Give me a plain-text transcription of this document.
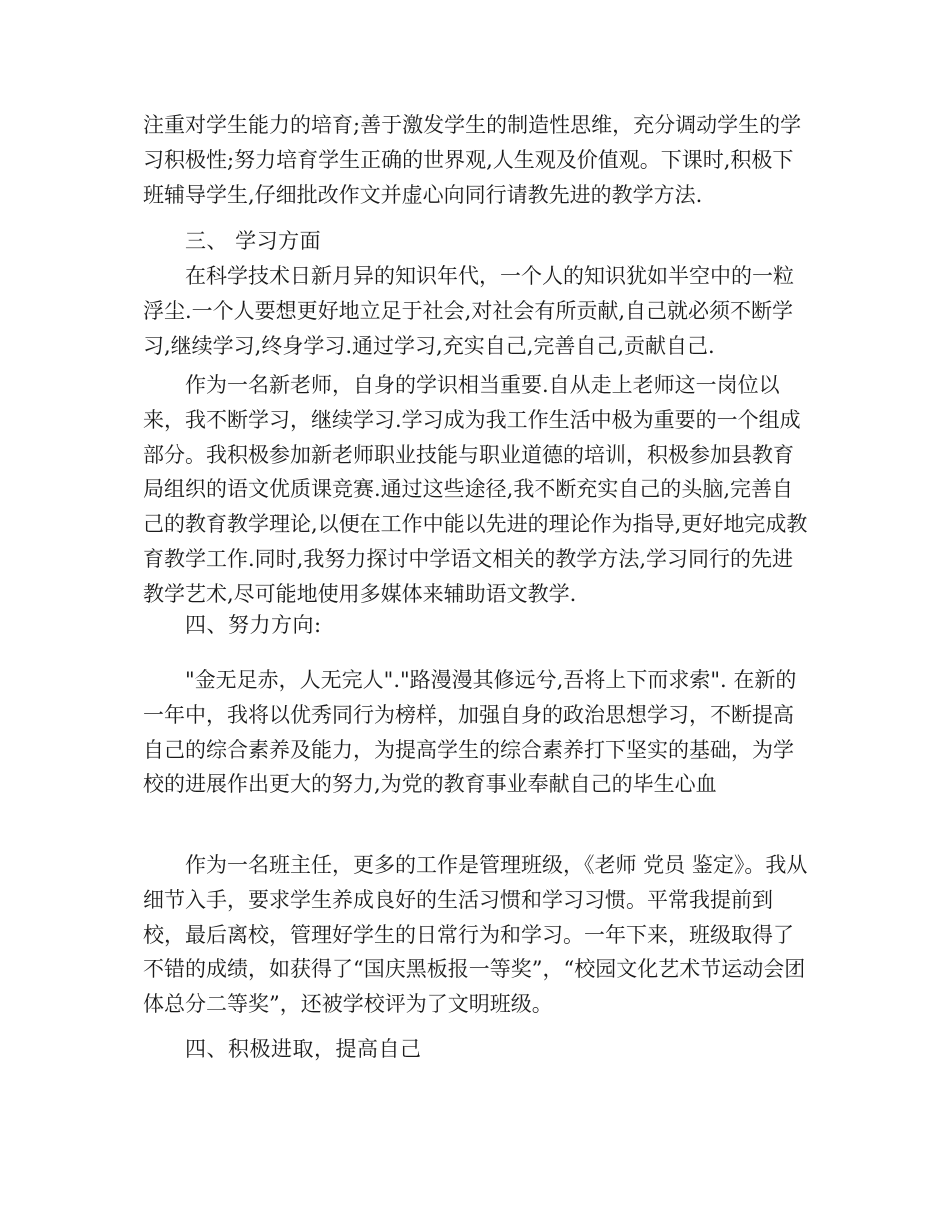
注重对学生能力的培育;善于激发学生的制造性思维，充分调动学生的学习积极性;努力培育学生正确的世界观,人生观及价值观。下课时,积极下班辅导学生,仔细批改作文并虚心向同行请教先进的教学方法.

三、 学习方面

在科学技术日新月异的知识年代，一个人的知识犹如半空中的一粒浮尘.一个人要想更好地立足于社会,对社会有所贡献,自己就必须不断学习,继续学习,终身学习.通过学习,充实自己,完善自己,贡献自己.

作为一名新老师，自身的学识相当重要.自从走上老师这一岗位以来，我不断学习，继续学习.学习成为我工作生活中极为重要的一个组成部分。我积极参加新老师职业技能与职业道德的培训，积极参加县教育局组织的语文优质课竞赛.通过这些途径,我不断充实自己的头脑,完善自己的教育教学理论,以便在工作中能以先进的理论作为指导,更好地完成教育教学工作.同时,我努力探讨中学语文相关的教学方法,学习同行的先进教学艺术,尽可能地使用多媒体来辅助语文教学.

四、努力方向:

"金无足赤，人无完人"."路漫漫其修远兮,吾将上下而求索". 在新的一年中，我将以优秀同行为榜样，加强自身的政治思想学习，不断提高自己的综合素养及能力，为提高学生的综合素养打下坚实的基础，为学校的进展作出更大的努力,为党的教育事业奉献自己的毕生心血

作为一名班主任，更多的工作是管理班级，《老师 党员 鉴定》。我从细节入手，要求学生养成良好的生活习惯和学习习惯。平常我提前到校，最后离校，管理好学生的日常行为和学习。一年下来，班级取得了不错的成绩，如获得了“国庆黑板报一等奖”，“校园文化艺术节运动会团体总分二等奖”，还被学校评为了文明班级。

四、积极进取，提高自己
